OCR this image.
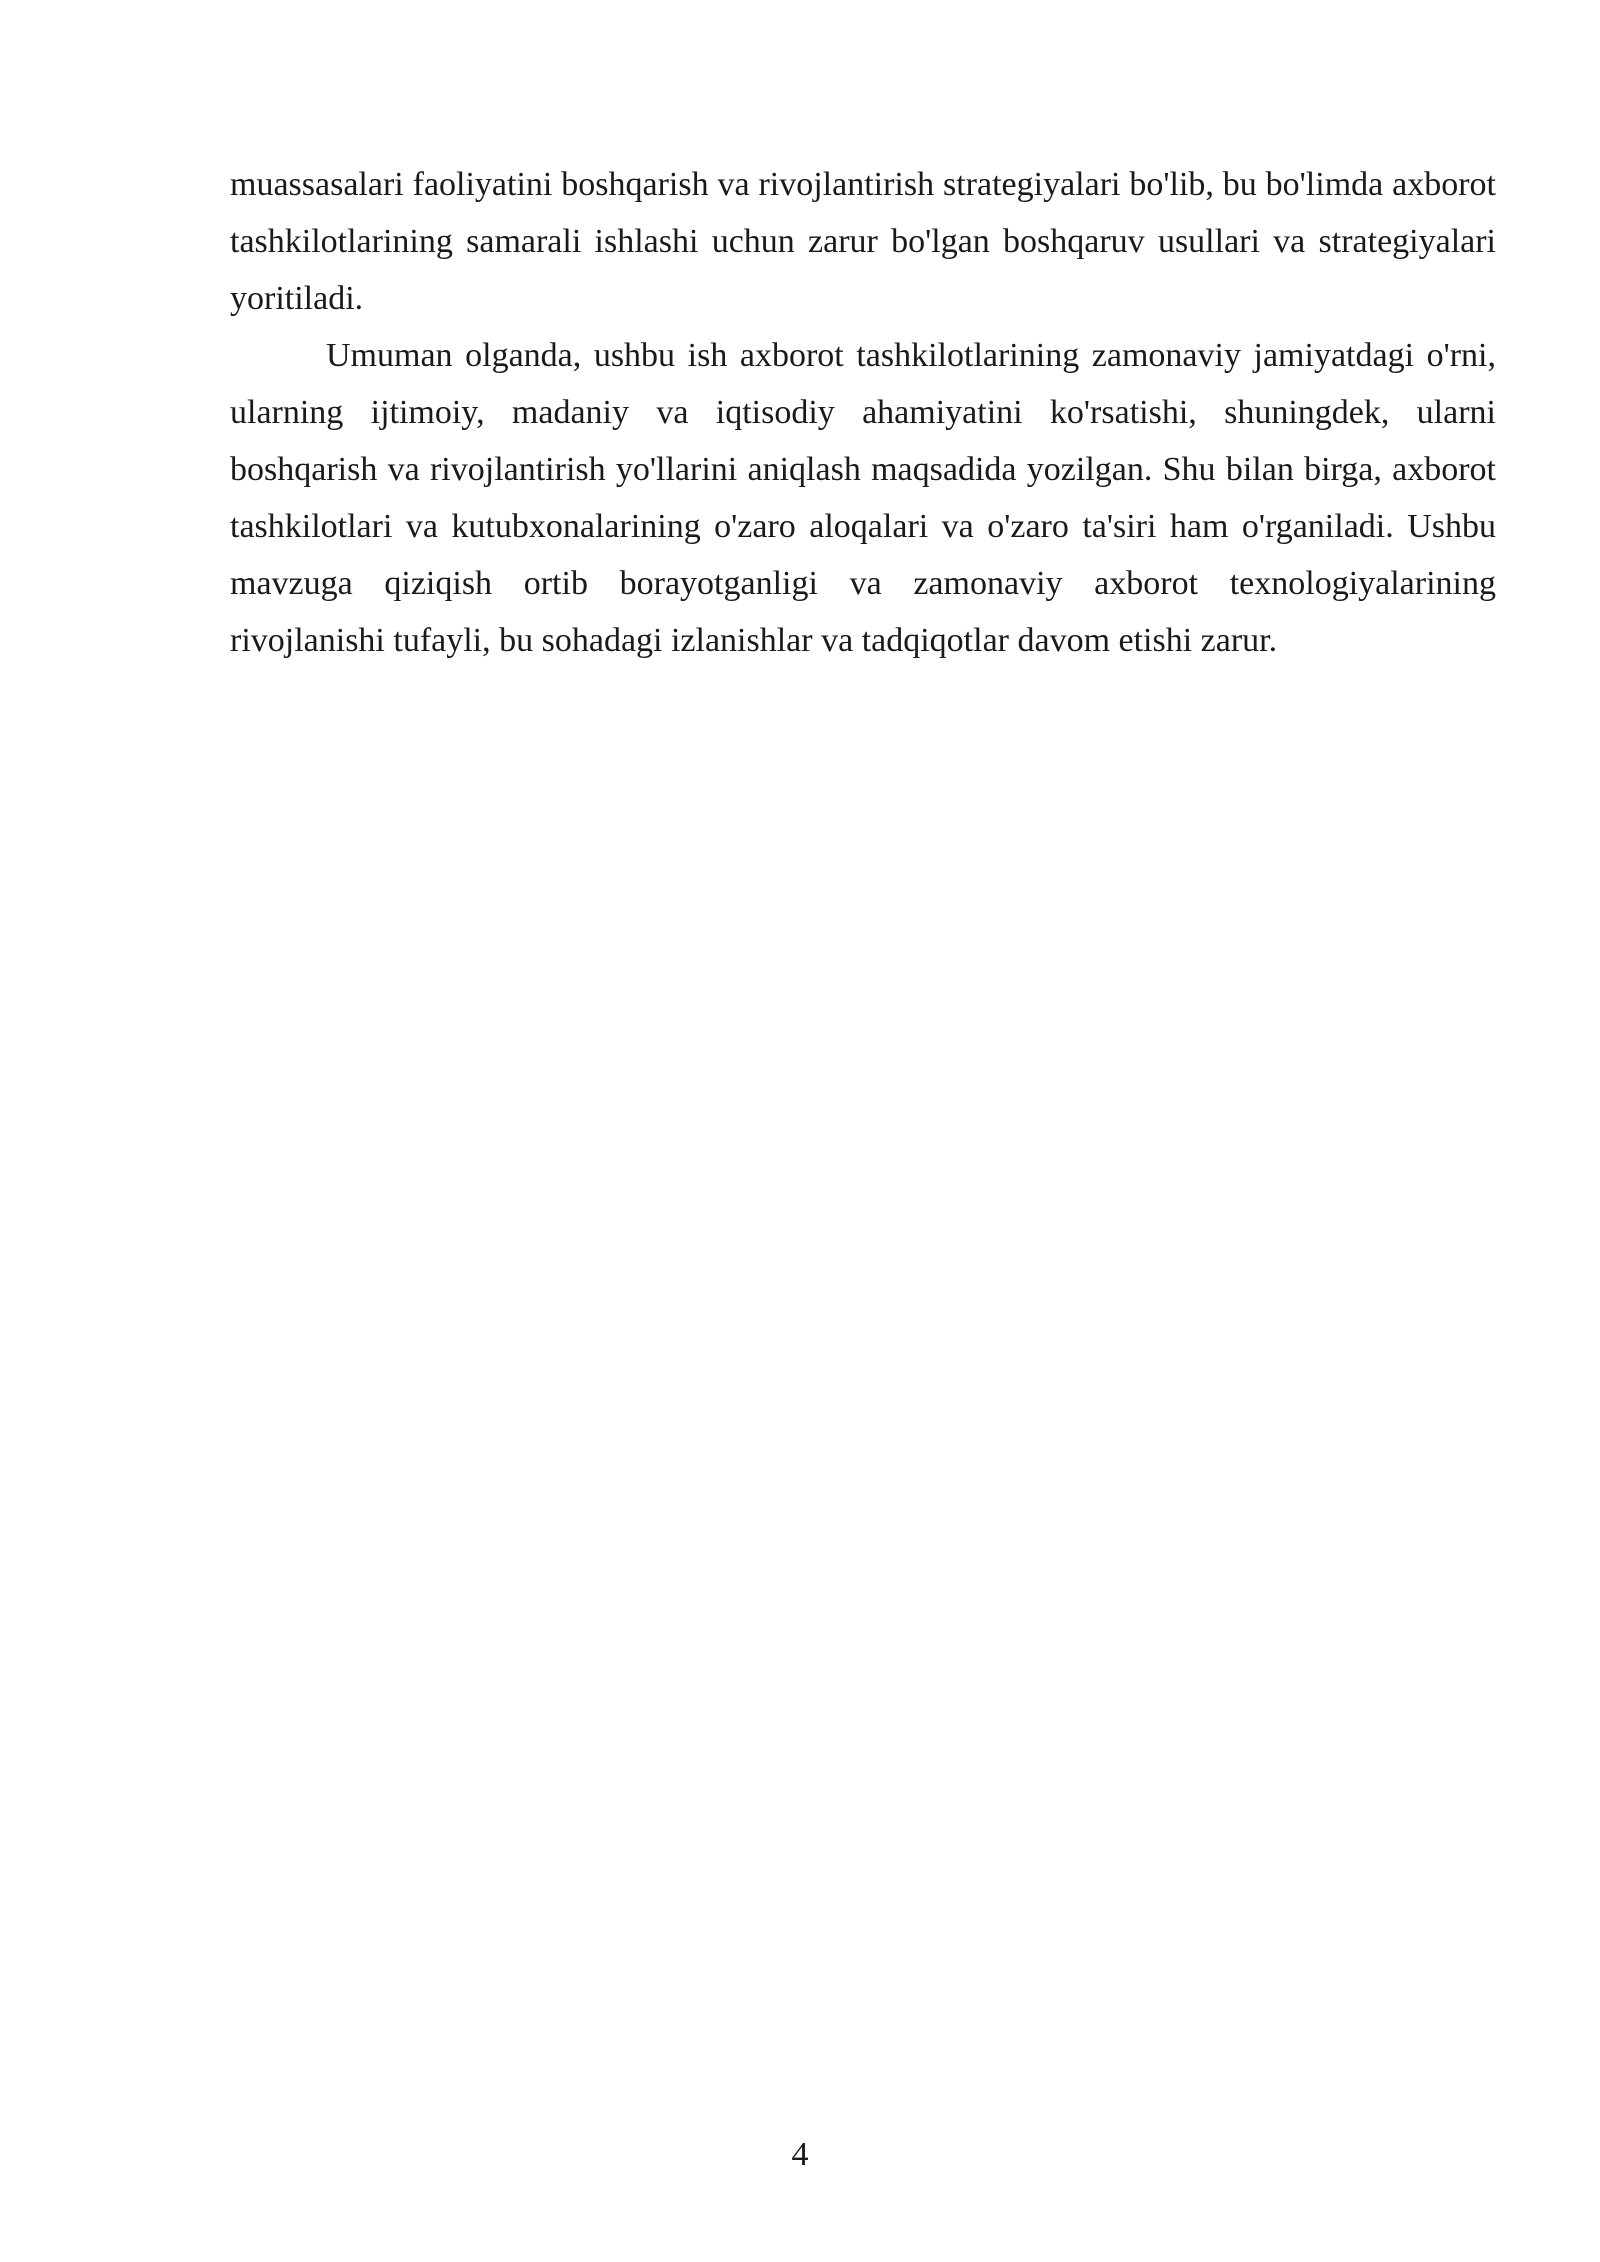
muassasalari faoliyatini boshqarish va rivojlantirish strategiyalari bo'lib, bu bo'limda axborot tashkilotlarining samarali ishlashi uchun zarur bo'lgan boshqaruv usullari va strategiyalari yoritiladi.

Umuman olganda, ushbu ish axborot tashkilotlarining zamonaviy jamiyatdagi o'rni, ularning ijtimoiy, madaniy va iqtisodiy ahamiyatini ko'rsatishi, shuningdek, ularni boshqarish va rivojlantirish yo'llarini aniqlash maqsadida yozilgan. Shu bilan birga, axborot tashkilotlari va kutubxonalarining o'zaro aloqalari va o'zaro ta'siri ham o'rganiladi. Ushbu mavzuga qiziqish ortib borayotganligi va zamonaviy axborot texnologiyalarining rivojlanishi tufayli, bu sohadagi izlanishlar va tadqiqotlar davom etishi zarur.

4
